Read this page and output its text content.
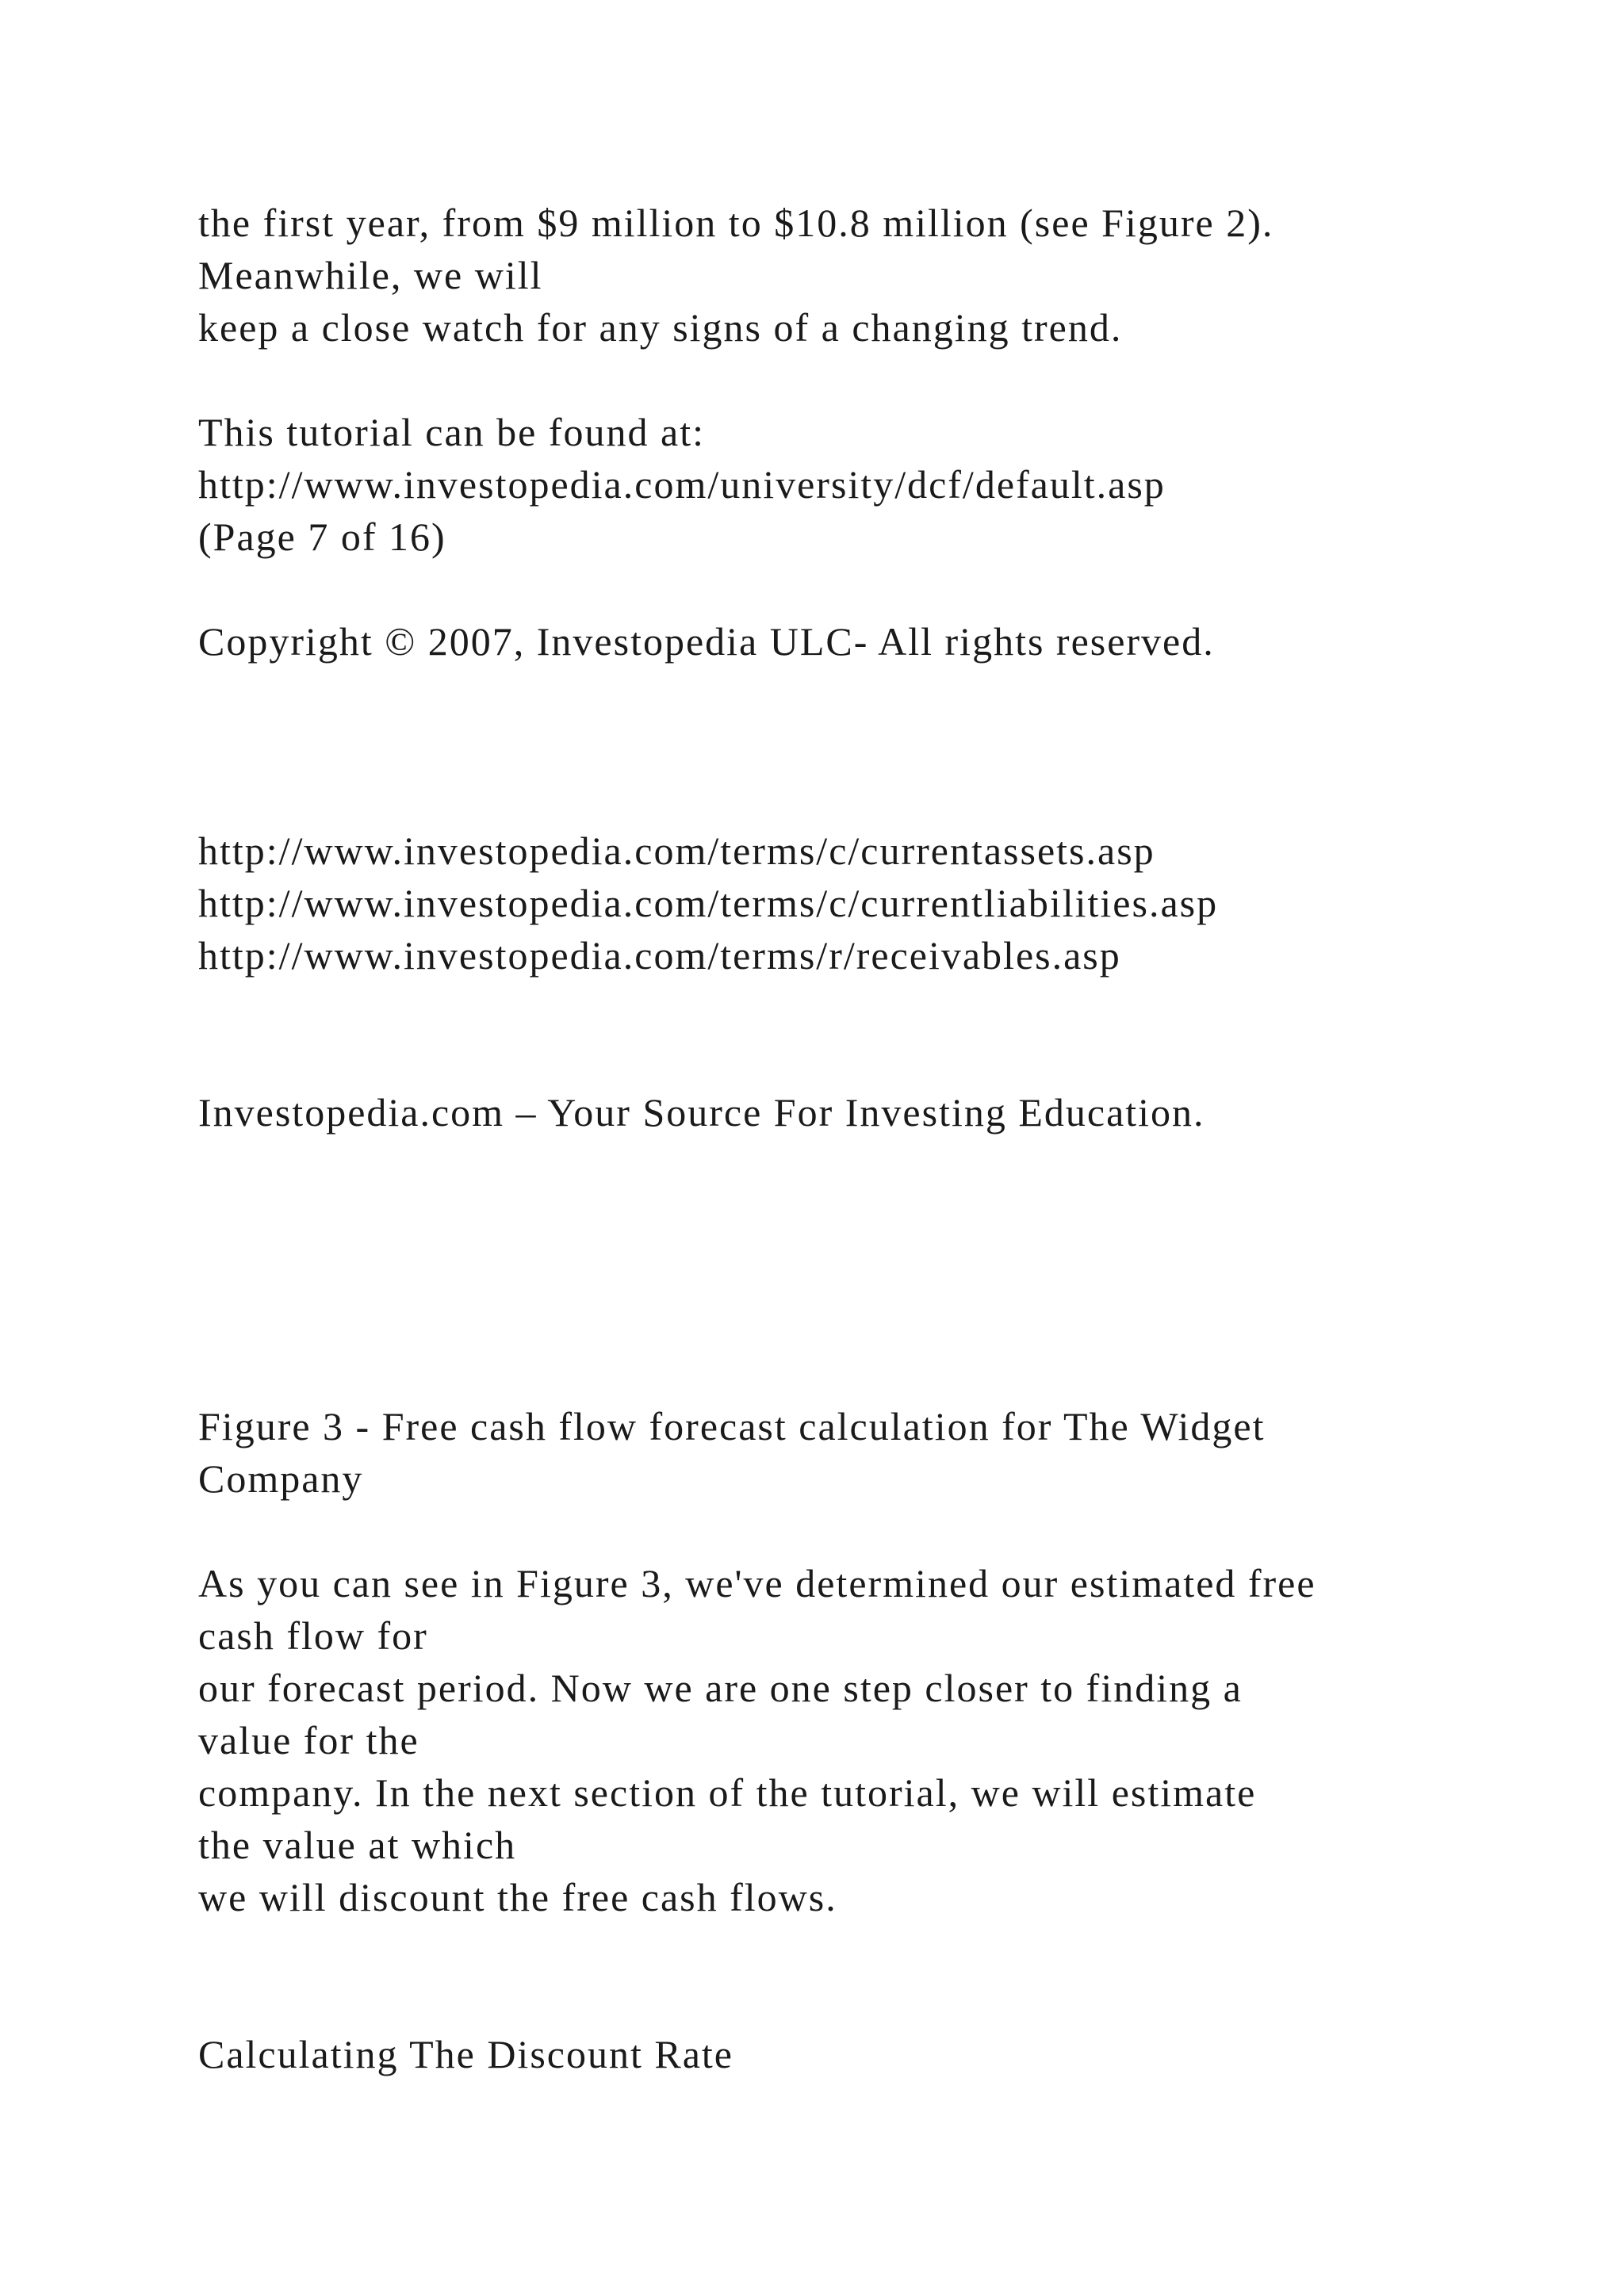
the first year, from $9 million to $10.8 million (see Figure 2).

Meanwhile, we will

keep a close watch for any signs of a changing trend.

This tutorial can be found at:

http://www.investopedia.com/university/dcf/default.asp

(Page 7 of 16)

Copyright © 2007, Investopedia ULC- All rights reserved.

http://www.investopedia.com/terms/c/currentassets.asp

http://www.investopedia.com/terms/c/currentliabilities.asp

http://www.investopedia.com/terms/r/receivables.asp

Investopedia.com – Your Source For Investing Education.

Figure 3 - Free cash flow forecast calculation for The Widget

Company

As you can see in Figure 3, we've determined our estimated free

cash flow for

our forecast period. Now we are one step closer to finding a

value for the

company. In the next section of the tutorial, we will estimate

the value at which

we will discount the free cash flows.

Calculating The Discount Rate
